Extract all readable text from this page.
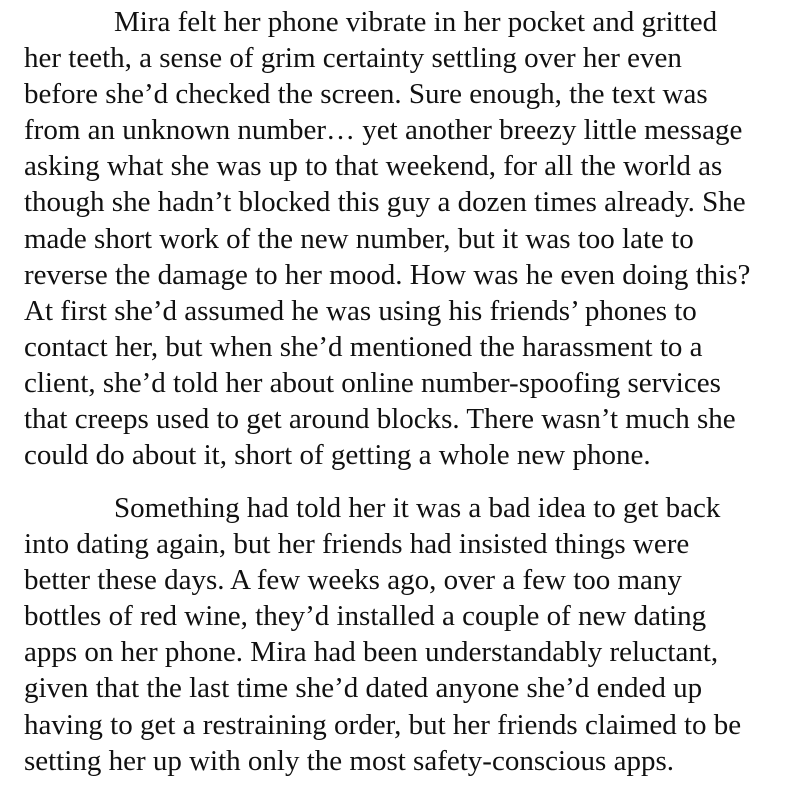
Mira felt her phone vibrate in her pocket and gritted
her teeth, a sense of grim certainty settling over her even
before she’d checked the screen. Sure enough, the text was
from an unknown number… yet another breezy little message
asking what she was up to that weekend, for all the world as
though she hadn’t blocked this guy a dozen times already. She
made short work of the new number, but it was too late to
reverse the damage to her mood. How was he even doing this?
At first she’d assumed he was using his friends’ phones to
contact her, but when she’d mentioned the harassment to a
client, she’d told her about online number-spoofing services
that creeps used to get around blocks. There wasn’t much she
could do about it, short of getting a whole new phone.

Something had told her it was a bad idea to get back
into dating again, but her friends had insisted things were
better these days. A few weeks ago, over a few too many
bottles of red wine, they’d installed a couple of new dating
apps on her phone. Mira had been understandably reluctant,
given that the last time she’d dated anyone she’d ended up
having to get a restraining order, but her friends claimed to be
setting her up with only the most safety-conscious apps.
